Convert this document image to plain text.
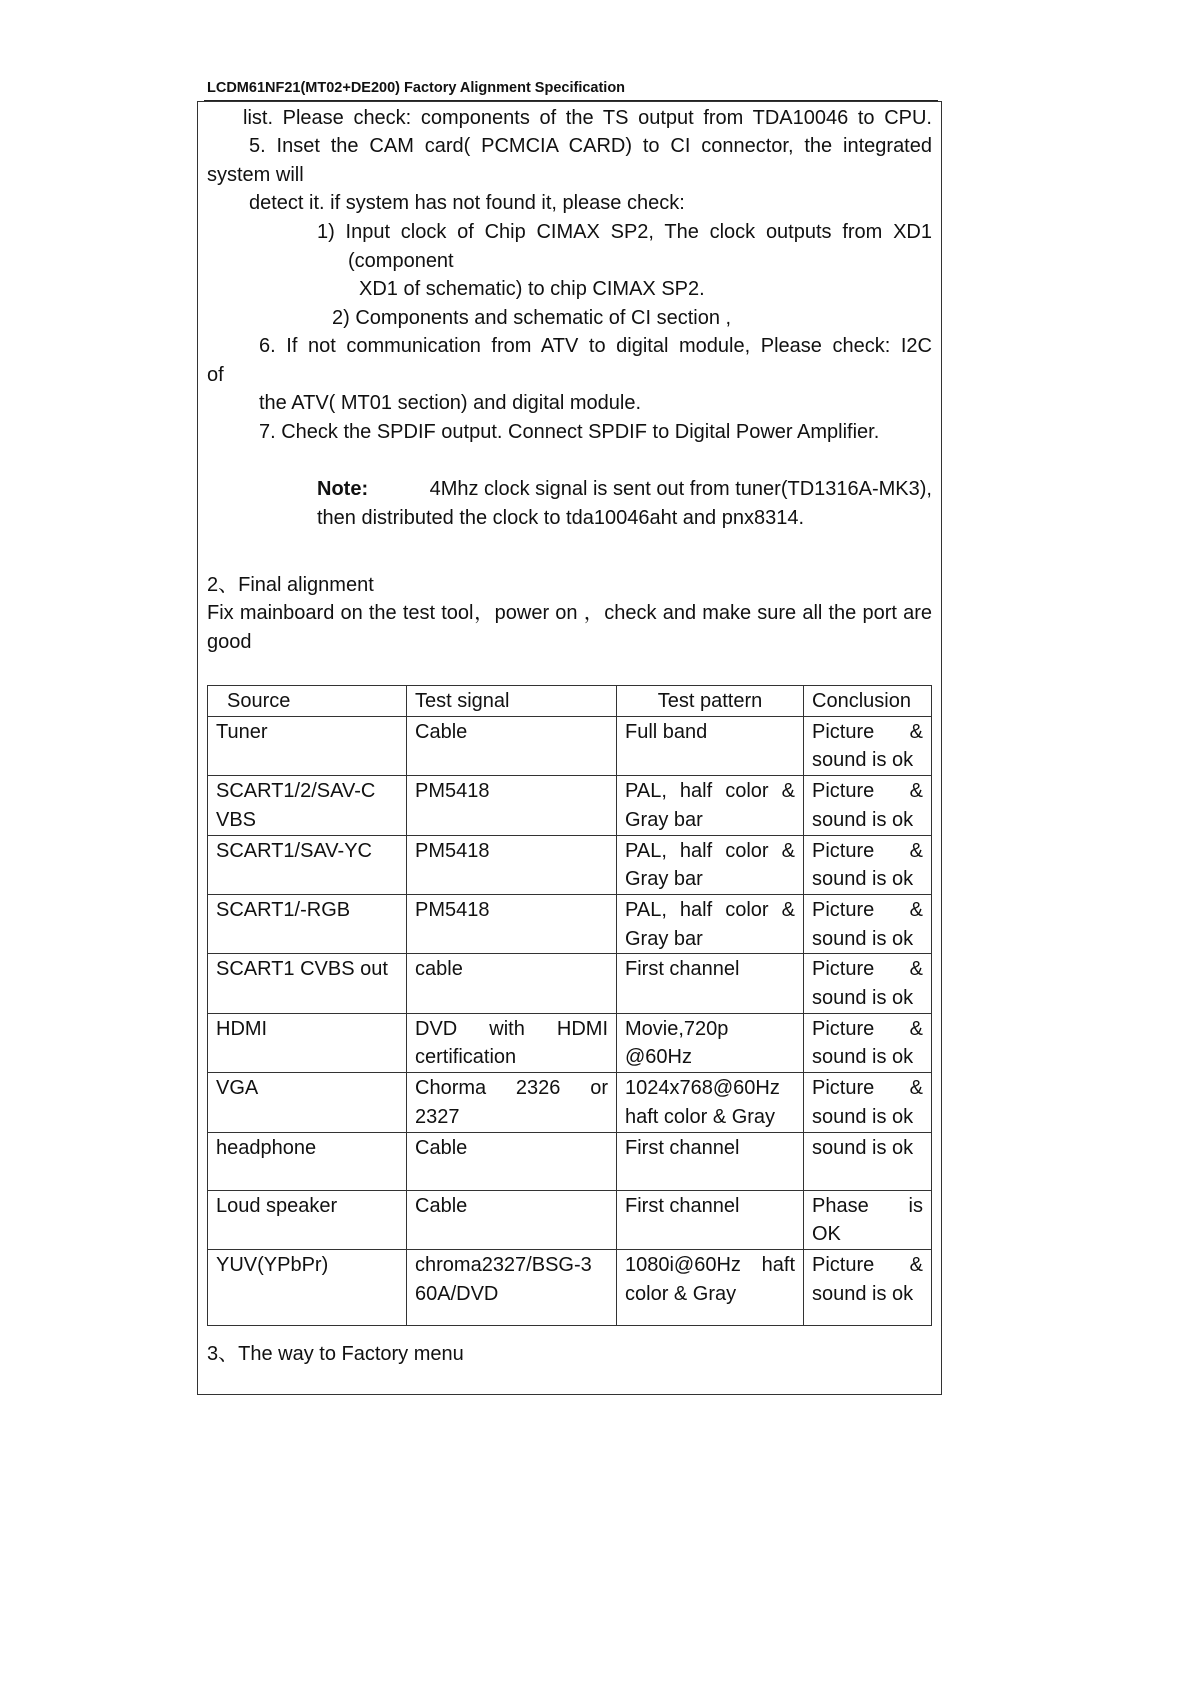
LCDM61NF21(MT02+DE200) Factory Alignment Specification
list. Please check: components of the TS output from TDA10046 to CPU.
5. Inset the CAM card( PCMCIA CARD) to CI connector, the integrated
system will
detect it. if system has not found it, please check:
1) Input clock of Chip CIMAX SP2, The clock outputs from XD1
(component
XD1 of schematic) to chip CIMAX SP2.
2) Components and schematic of CI section ,
6. If not communication from ATV to digital module, Please check: I2C
of
the ATV( MT01 section) and digital module.
7. Check the SPDIF output. Connect SPDIF to Digital Power Amplifier.
Note:	4Mhz clock signal is sent out from tuner(TD1316A-MK3),
then distributed the clock to tda10046aht and pnx8314.
2、Final alignment
Fix mainboard on the test tool，power on ，check and make sure all the port are
good
Source	Test signal	Test pattern	Conclusion
Tuner	Cable	Full band	Picture & sound is ok
SCART1/2/SAV-C VBS	PM5418	PAL, half color & Gray bar	Picture & sound is ok
SCART1/SAV-YC	PM5418	PAL, half color & Gray bar	Picture & sound is ok
SCART1/-RGB	PM5418	PAL, half color & Gray bar	Picture & sound is ok
SCART1 CVBS out	cable	First channel	Picture & sound is ok
HDMI	DVD with HDMI certification	Movie,720p @60Hz	Picture & sound is ok
VGA	Chorma 2326 or 2327	1024x768@60Hz haft color & Gray	Picture & sound is ok
headphone	Cable	First channel	sound is ok
Loud speaker	Cable	First channel	Phase is OK
YUV(YPbPr)	chroma2327/BSG-3 60A/DVD	1080i@60Hz haft color & Gray	Picture & sound is ok
3、The way to Factory menu
